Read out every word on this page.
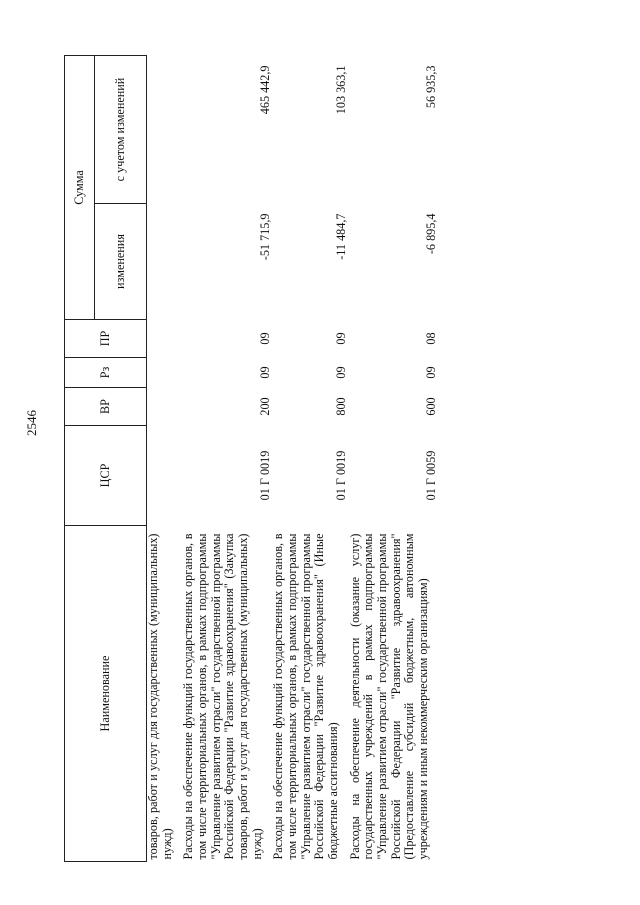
2546
Наименование	ЦСР	ВР	Рз	ПР	Сумма	
					изменения	с учетом изменений
товаров, работ и услуг для государственных (муниципальных) нужд)						
Расходы на обеспечение функций государственных органов, в том числе территориальных органов, в рамках подпрограммы "Управление развитием отрасли" государственной программы Российской Федерации "Развитие здравоохранения" (Закупка товаров, работ и услуг для государственных (муниципальных) нужд)	01 Г 0019	200	09	09	-51 715,9	465 442,9
Расходы на обеспечение функций государственных органов, в том числе территориальных органов, в рамках подпрограммы "Управление развитием отрасли" государственной программы Российской Федерации "Развитие здравоохранения" (Иные бюджетные ассигнования)	01 Г 0019	800	09	09	-11 484,7	103 363,1
Расходы на обеспечение деятельности (оказание услуг) государственных учреждений в рамках подпрограммы "Управление развитием отрасли" государственной программы Российской Федерации "Развитие здравоохранения" (Предоставление субсидий бюджетным, автономным учреждениям и иным некоммерческим организациям)	01 Г 0059	600	09	08	-6 895,4	56 935,3
